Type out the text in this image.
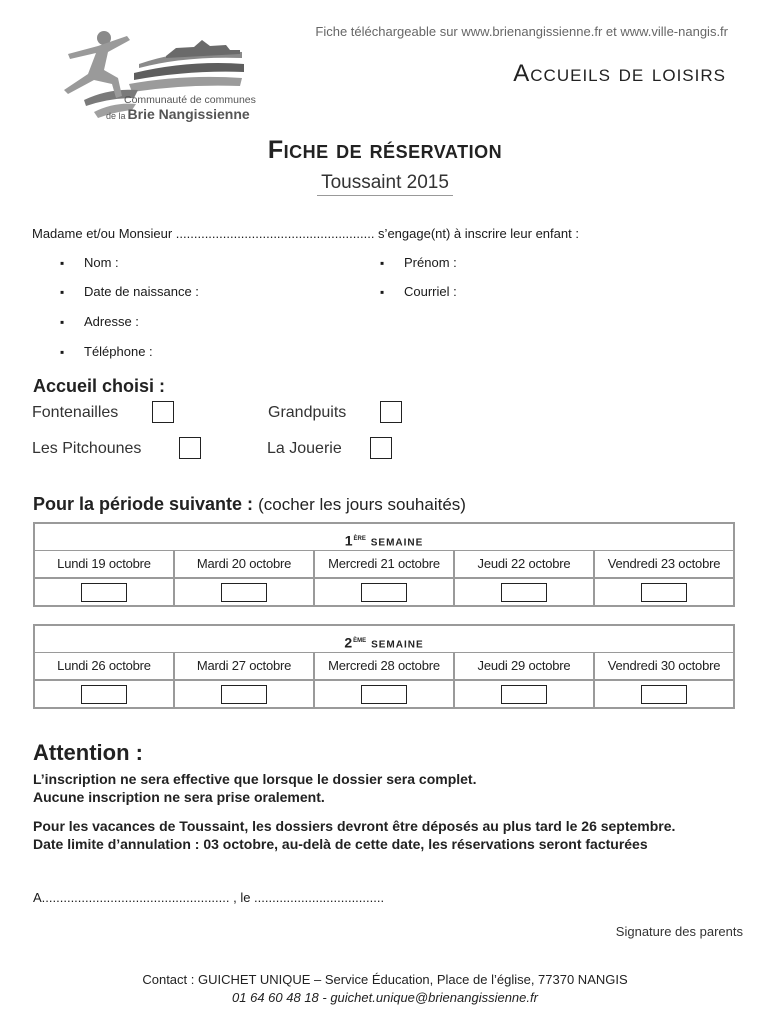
Fiche téléchargeable sur www.brienangissienne.fr et www.ville-nangis.fr
Communauté de communes
de la Brie Nangissienne
Accueils de loisirs
Fiche de réservation
Toussaint 2015
Madame et/ou Monsieur ....................................................... s’engage(nt) à inscrire leur enfant :
▪ Nom :	▪ Prénom :
▪ Date de naissance :	▪ Courriel :
▪ Adresse :
▪ Téléphone :
Accueil choisi :
Fontenailles	Grandpuits
Les Pitchounes	La Jouerie
Pour la période suivante : (cocher les jours souhaités)
1ère semaine
Lundi 19 octobre	Mardi 20 octobre	Mercredi 21 octobre	Jeudi 22 octobre	Vendredi 23 octobre
2ème semaine
Lundi 26 octobre	Mardi 27 octobre	Mercredi 28 octobre	Jeudi 29 octobre	Vendredi 30 octobre
Attention :
L’inscription ne sera effective que lorsque le dossier sera complet.
Aucune inscription ne sera prise oralement.
Pour les vacances de Toussaint, les dossiers devront être déposés au plus tard le 26 septembre.
Date limite d’annulation : 03 octobre, au-delà de cette date, les réservations seront facturées
A.................................................... , le ....................................
Signature des parents
Contact : GUICHET UNIQUE – Service Éducation, Place de l’église, 77370 NANGIS
01 64 60 48 18 - guichet.unique@brienangissienne.fr
